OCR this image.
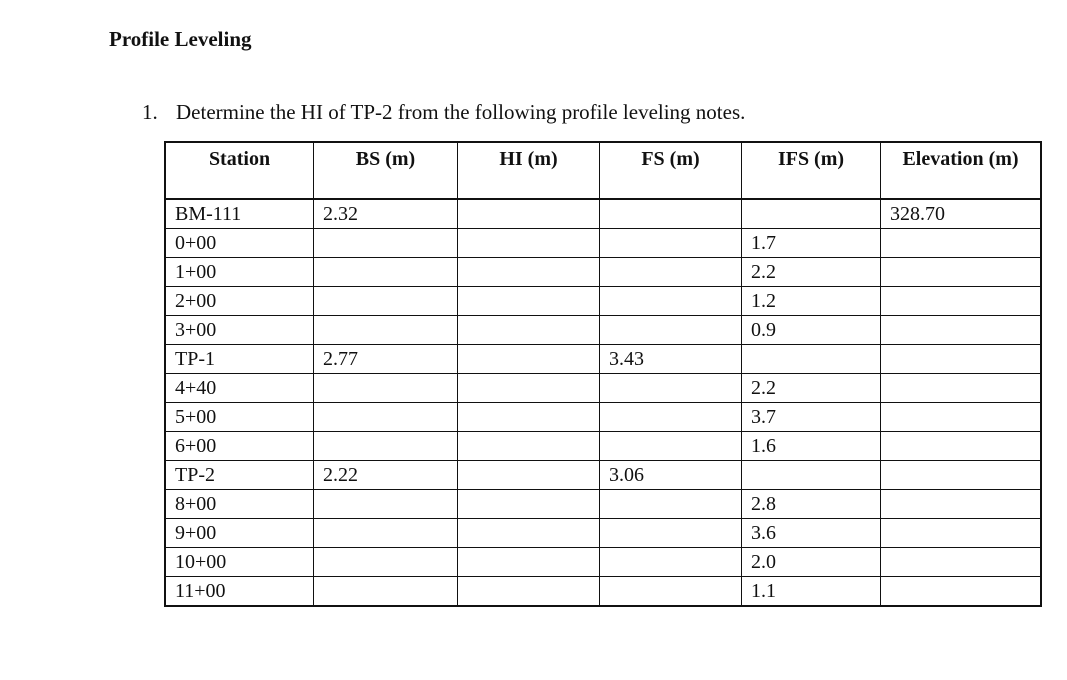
Profile Leveling
1. Determine the HI of TP-2 from the following profile leveling notes.
Station	BS (m)	HI (m)	FS (m)	IFS (m)	Elevation (m)
BM-111	2.32				328.70
0+00				1.7	
1+00				2.2	
2+00				1.2	
3+00				0.9	
TP-1	2.77		3.43		
4+40				2.2	
5+00				3.7	
6+00				1.6	
TP-2	2.22		3.06		
8+00				2.8	
9+00				3.6	
10+00				2.0	
11+00				1.1	
